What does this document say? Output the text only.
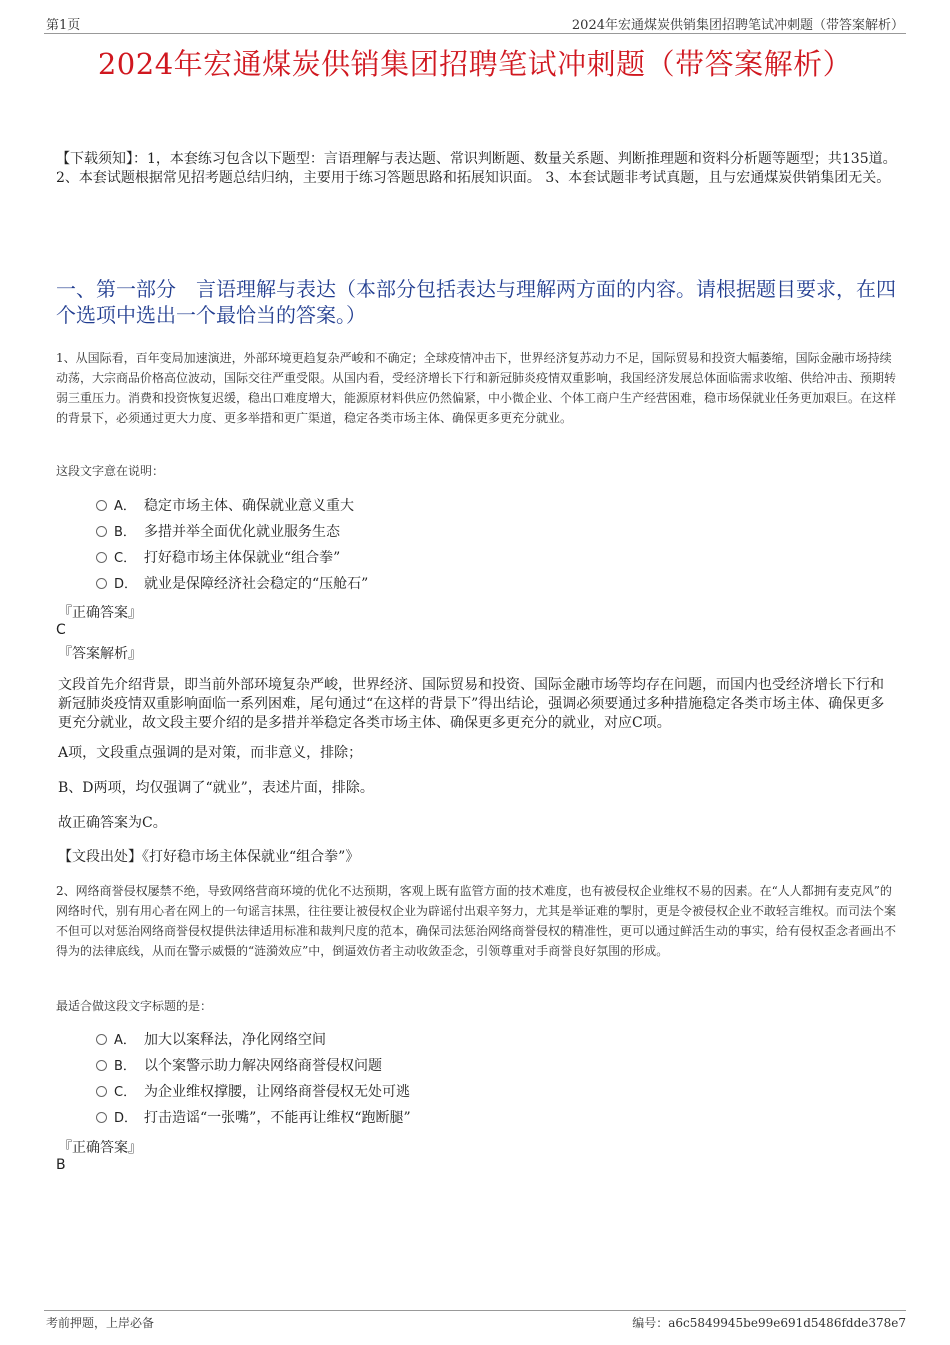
第1页	2024年宏通煤炭供销集团招聘笔试冲刺题（带答案解析）
2024年宏通煤炭供销集团招聘笔试冲刺题（带答案解析）
【下载须知】：1，本套练习包含以下题型：言语理解与表达题、常识判断题、数量关系题、判断推理题和资料分析题等题型；共135道。 2、本套试题根据常见招考题总结归纳，主要用于练习答题思路和拓展知识面。 3、本套试题非考试真题，且与宏通煤炭供销集团无关。
一、第一部分　言语理解与表达（本部分包括表达与理解两方面的内容。请根据题目要求，在四个选项中选出一个最恰当的答案。）
1、从国际看，百年变局加速演进，外部环境更趋复杂严峻和不确定；全球疫情冲击下，世界经济复苏动力不足，国际贸易和投资大幅萎缩，国际金融市场持续动荡，大宗商品价格高位波动，国际交往严重受限。从国内看，受经济增长下行和新冠肺炎疫情双重影响，我国经济发展总体面临需求收缩、供给冲击、预期转弱三重压力。消费和投资恢复迟缓，稳出口难度增大，能源原材料供应仍然偏紧，中小微企业、个体工商户生产经营困难，稳市场保就业任务更加艰巨。在这样的背景下，必须通过更大力度、更多举措和更广渠道，稳定各类市场主体、确保更多更充分就业。
这段文字意在说明：
A． 稳定市场主体、确保就业意义重大
B． 多措并举全面优化就业服务生态
C． 打好稳市场主体保就业“组合拳”
D． 就业是保障经济社会稳定的“压舱石”
『正确答案』
C
『答案解析』
文段首先介绍背景，即当前外部环境复杂严峻，世界经济、国际贸易和投资、国际金融市场等均存在问题，而国内也受经济增长下行和新冠肺炎疫情双重影响面临一系列困难，尾句通过“在这样的背景下”得出结论，强调必须要通过多种措施稳定各类市场主体、确保更多更充分就业，故文段主要介绍的是多措并举稳定各类市场主体、确保更多更充分的就业，对应C项。
A项，文段重点强调的是对策，而非意义，排除；
B、D两项，均仅强调了“就业”，表述片面，排除。
故正确答案为C。
【文段出处】《打好稳市场主体保就业“组合拳”》
2、网络商誉侵权屡禁不绝，导致网络营商环境的优化不达预期，客观上既有监管方面的技术难度，也有被侵权企业维权不易的因素。在“人人都拥有麦克风”的网络时代，别有用心者在网上的一句谣言抹黑，往往要让被侵权企业为辟谣付出艰辛努力，尤其是举证难的掣肘，更是令被侵权企业不敢轻言维权。而司法个案不但可以对惩治网络商誉侵权提供法律适用标准和裁判尺度的范本，确保司法惩治网络商誉侵权的精准性，更可以通过鲜活生动的事实，给有侵权歪念者画出不得为的法律底线，从而在警示威慑的“涟漪效应”中，倒逼效仿者主动收敛歪念，引领尊重对手商誉良好氛围的形成。
最适合做这段文字标题的是：
A． 加大以案释法，净化网络空间
B． 以个案警示助力解决网络商誉侵权问题
C． 为企业维权撑腰，让网络商誉侵权无处可逃
D． 打击造谣“一张嘴”，不能再让维权“跑断腿”
『正确答案』
B
考前押题，上岸必备	编号：a6c5849945be99e691d5486fdde378e7
